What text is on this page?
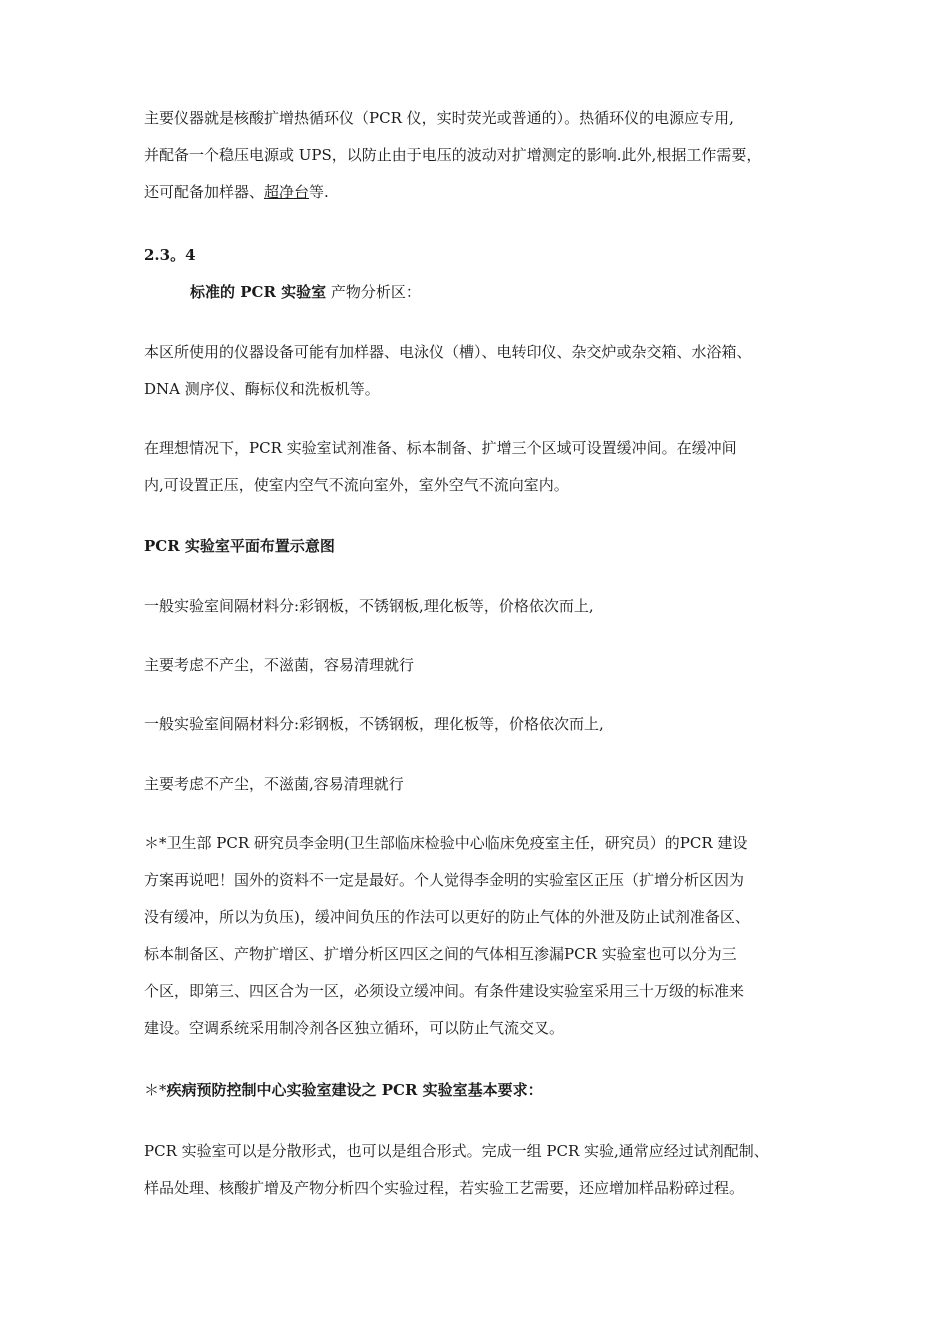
主要仪器就是核酸扩增热循环仪（PCR 仪，实时荧光或普通的）。热循环仪的电源应专用,
并配备一个稳压电源或 UPS，以防止由于电压的波动对扩增测定的影响.此外,根据工作需要，
还可配备加样器、超净台等.
2.3。4
标准的 PCR 实验室 产物分析区：
本区所使用的仪器设备可能有加样器、电泳仪（槽）、电转印仪、杂交炉或杂交箱、水浴箱、
DNA 测序仪、酶标仪和洗板机等。
在理想情况下，PCR 实验室试剂准备、标本制备、扩增三个区域可设置缓冲间。在缓冲间
内,可设置正压，使室内空气不流向室外，室外空气不流向室内。
PCR 实验室平面布置示意图
一般实验室间隔材料分:彩钢板，不锈钢板,理化板等，价格依次而上,
主要考虑不产尘，不滋菌，容易清理就行
一般实验室间隔材料分:彩钢板，不锈钢板，理化板等，价格依次而上,
主要考虑不产尘，不滋菌,容易清理就行
＊*卫生部 PCR 研究员李金明(卫生部临床检验中心临床免疫室主任，研究员）的PCR 建设
方案再说吧！国外的资料不一定是最好。个人觉得李金明的实验室区正压（扩增分析区因为
没有缓冲，所以为负压)，缓冲间负压的作法可以更好的防止气体的外泄及防止试剂准备区、
标本制备区、产物扩增区、扩增分析区四区之间的气体相互渗漏PCR 实验室也可以分为三
个区，即第三、四区合为一区，必须设立缓冲间。有条件建设实验室采用三十万级的标准来
建设。空调系统采用制冷剂各区独立循环，可以防止气流交叉。
＊*疾病预防控制中心实验室建设之 PCR 实验室基本要求：
PCR 实验室可以是分散形式，也可以是组合形式。完成一组 PCR 实验,通常应经过试剂配制、
样品处理、核酸扩增及产物分析四个实验过程，若实验工艺需要，还应增加样品粉碎过程。
